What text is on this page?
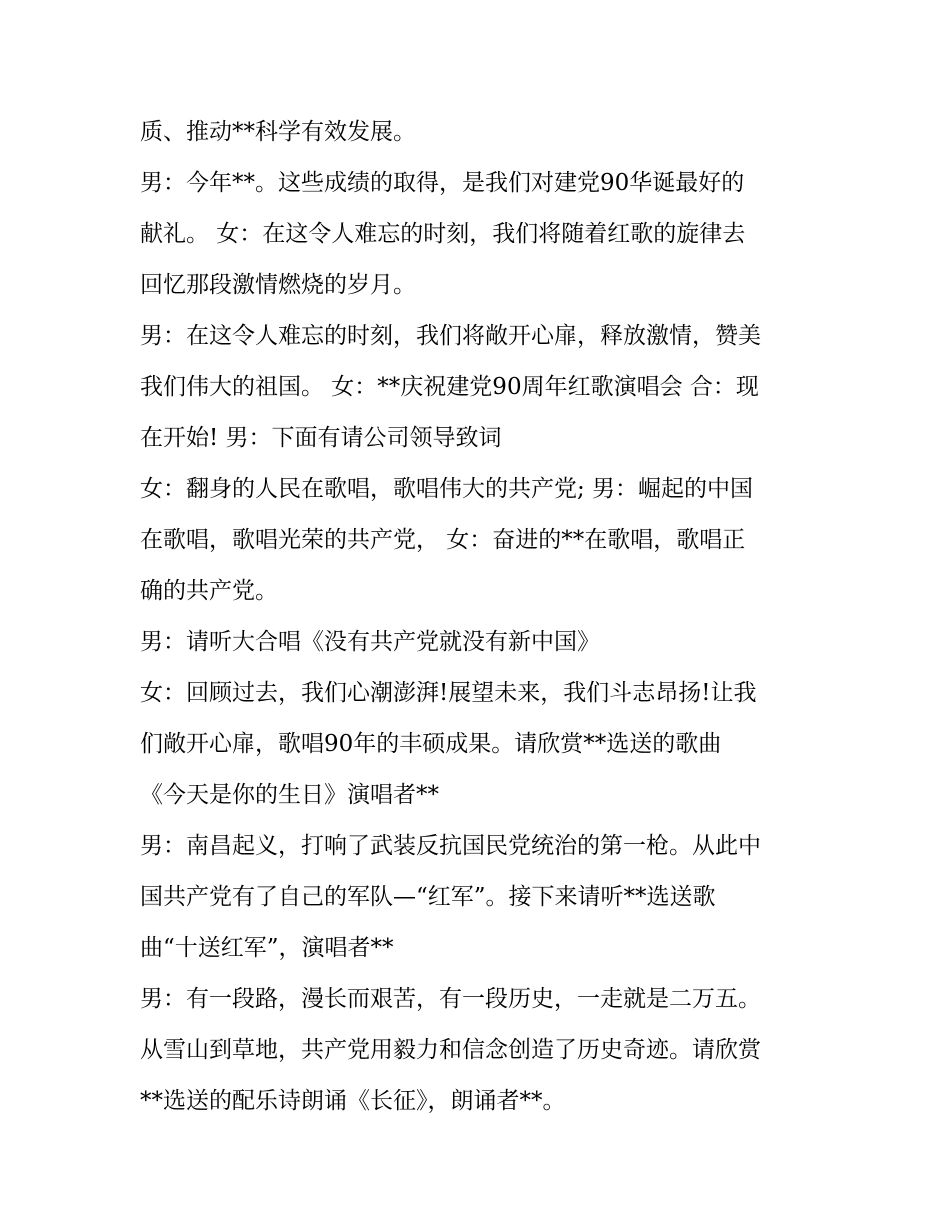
质、推动**科学有效发展。
男：今年**。这些成绩的取得，是我们对建党90华诞最好的
献礼。 女：在这令人难忘的时刻，我们将随着红歌的旋律去
回忆那段激情燃烧的岁月。
男：在这令人难忘的时刻，我们将敞开心扉，释放激情，赞美
我们伟大的祖国。 女：**庆祝建党90周年红歌演唱会 合：现
在开始! 男：下面有请公司领导致词
女：翻身的人民在歌唱，歌唱伟大的共产党; 男：崛起的中国
在歌唱，歌唱光荣的共产党， 女：奋进的**在歌唱，歌唱正
确的共产党。
男：请听大合唱《没有共产党就没有新中国》
女：回顾过去，我们心潮澎湃!展望未来，我们斗志昂扬!让我
们敞开心扉，歌唱90年的丰硕成果。请欣赏**选送的歌曲
《今天是你的生日》演唱者**
男：南昌起义，打响了武装反抗国民党统治的第一枪。从此中
国共产党有了自己的军队—“红军”。接下来请听**选送歌
曲“十送红军”，演唱者**
男：有一段路，漫长而艰苦，有一段历史，一走就是二万五。
从雪山到草地，共产党用毅力和信念创造了历史奇迹。请欣赏
**选送的配乐诗朗诵《长征》，朗诵者**。
